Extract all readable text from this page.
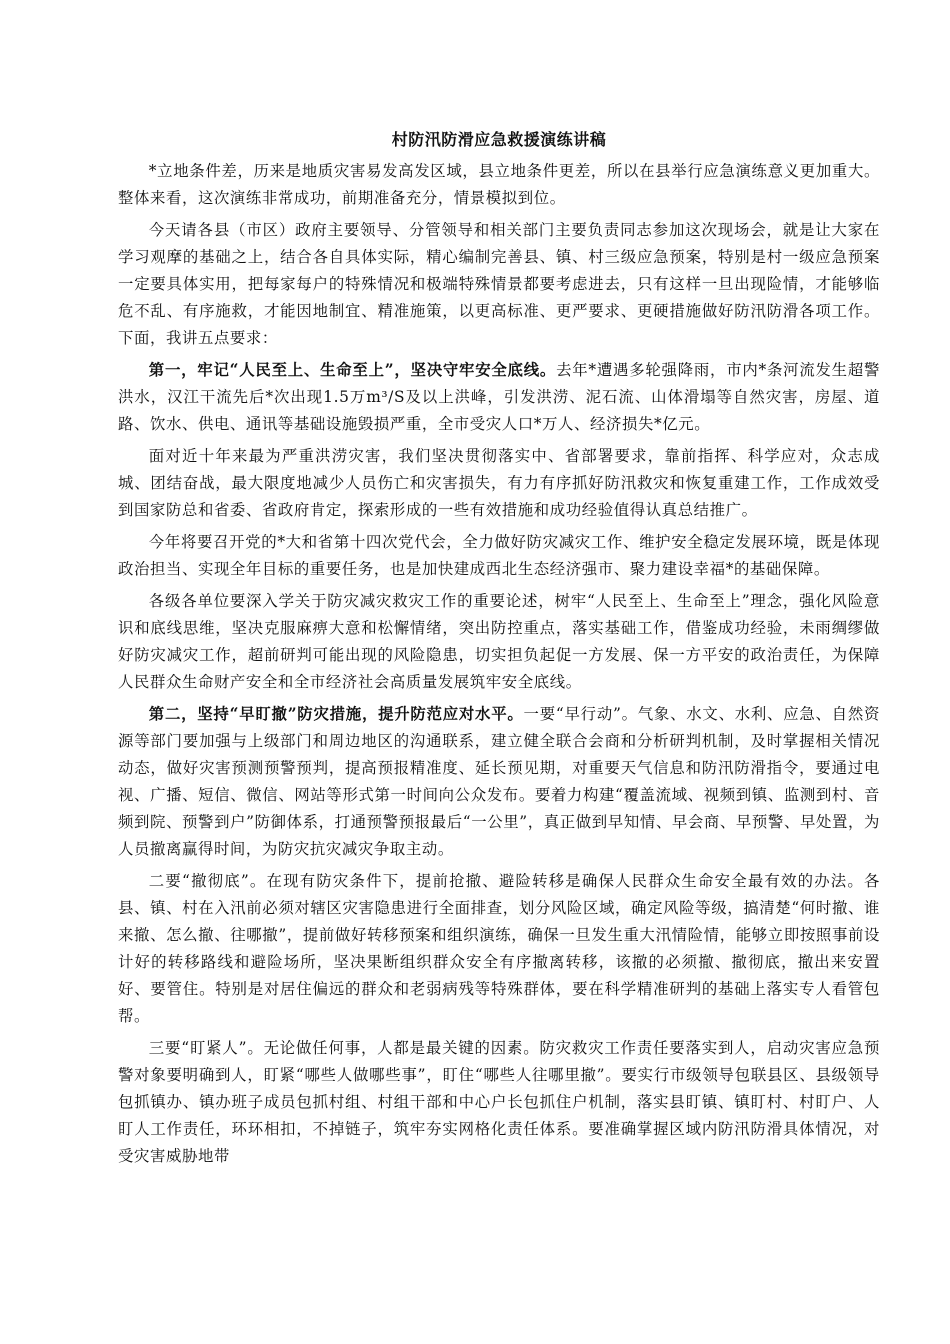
村防汛防滑应急救援演练讲稿

*立地条件差，历来是地质灾害易发高发区域，县立地条件更差，所以在县举行应急演练意义更加重大。整体来看，这次演练非常成功，前期准备充分，情景模拟到位。

今天请各县（市区）政府主要领导、分管领导和相关部门主要负责同志参加这次现场会，就是让大家在学习观摩的基础之上，结合各自具体实际，精心编制完善县、镇、村三级应急预案，特别是村一级应急预案一定要具体实用，把每家每户的特殊情况和极端特殊情景都要考虑进去，只有这样一旦出现险情，才能够临危不乱、有序施救，才能因地制宜、精准施策，以更高标准、更严要求、更硬措施做好防汛防滑各项工作。下面，我讲五点要求：

第一，牢记“人民至上、生命至上”，坚决守牢安全底线。去年*遭遇多轮强降雨，市内*条河流发生超警洪水，汉江干流先后*次出现1.5万m³/S及以上洪峰，引发洪涝、泥石流、山体滑塌等自然灾害，房屋、道路、饮水、供电、通讯等基础设施毁损严重，全市受灾人口*万人、经济损失*亿元。

面对近十年来最为严重洪涝灾害，我们坚决贯彻落实中、省部署要求，靠前指挥、科学应对，众志成城、团结奋战，最大限度地减少人员伤亡和灾害损失，有力有序抓好防汛救灾和恢复重建工作，工作成效受到国家防总和省委、省政府肯定，探索形成的一些有效措施和成功经验值得认真总结推广。

今年将要召开党的*大和省第十四次党代会，全力做好防灾减灾工作、维护安全稳定发展环境，既是体现政治担当、实现全年目标的重要任务，也是加快建成西北生态经济强市、聚力建设幸福*的基础保障。

各级各单位要深入学关于防灾减灾救灾工作的重要论述，树牢“人民至上、生命至上”理念，强化风险意识和底线思维，坚决克服麻痹大意和松懈情绪，突出防控重点，落实基础工作，借鉴成功经验，未雨绸缪做好防灾减灾工作，超前研判可能出现的风险隐患，切实担负起促一方发展、保一方平安的政治责任，为保障人民群众生命财产安全和全市经济社会高质量发展筑牢安全底线。

第二，坚持“早盯撤”防灾措施，提升防范应对水平。一要“早行动”。气象、水文、水利、应急、自然资源等部门要加强与上级部门和周边地区的沟通联系，建立健全联合会商和分析研判机制，及时掌握相关情况动态，做好灾害预测预警预判，提高预报精准度、延长预见期，对重要天气信息和防汛防滑指令，要通过电视、广播、短信、微信、网站等形式第一时间向公众发布。要着力构建“覆盖流域、视频到镇、监测到村、音频到院、预警到户”防御体系，打通预警预报最后“一公里”，真正做到早知情、早会商、早预警、早处置，为人员撤离赢得时间，为防灾抗灾减灾争取主动。

二要“撤彻底”。在现有防灾条件下，提前抢撤、避险转移是确保人民群众生命安全最有效的办法。各县、镇、村在入汛前必须对辖区灾害隐患进行全面排查，划分风险区域，确定风险等级，搞清楚“何时撤、谁来撤、怎么撤、往哪撤”，提前做好转移预案和组织演练，确保一旦发生重大汛情险情，能够立即按照事前设计好的转移路线和避险场所，坚决果断组织群众安全有序撤离转移，该撤的必须撤、撤彻底，撤出来安置好、要管住。特别是对居住偏远的群众和老弱病残等特殊群体，要在科学精准研判的基础上落实专人看管包帮。

三要“盯紧人”。无论做任何事，人都是最关键的因素。防灾救灾工作责任要落实到人，启动灾害应急预警对象要明确到人，盯紧“哪些人做哪些事”，盯住“哪些人往哪里撤”。要实行市级领导包联县区、县级领导包抓镇办、镇办班子成员包抓村组、村组干部和中心户长包抓住户机制，落实县盯镇、镇盯村、村盯户、人盯人工作责任，环环相扣，不掉链子，筑牢夯实网格化责任体系。要准确掌握区域内防汛防滑具体情况，对受灾害威胁地带
